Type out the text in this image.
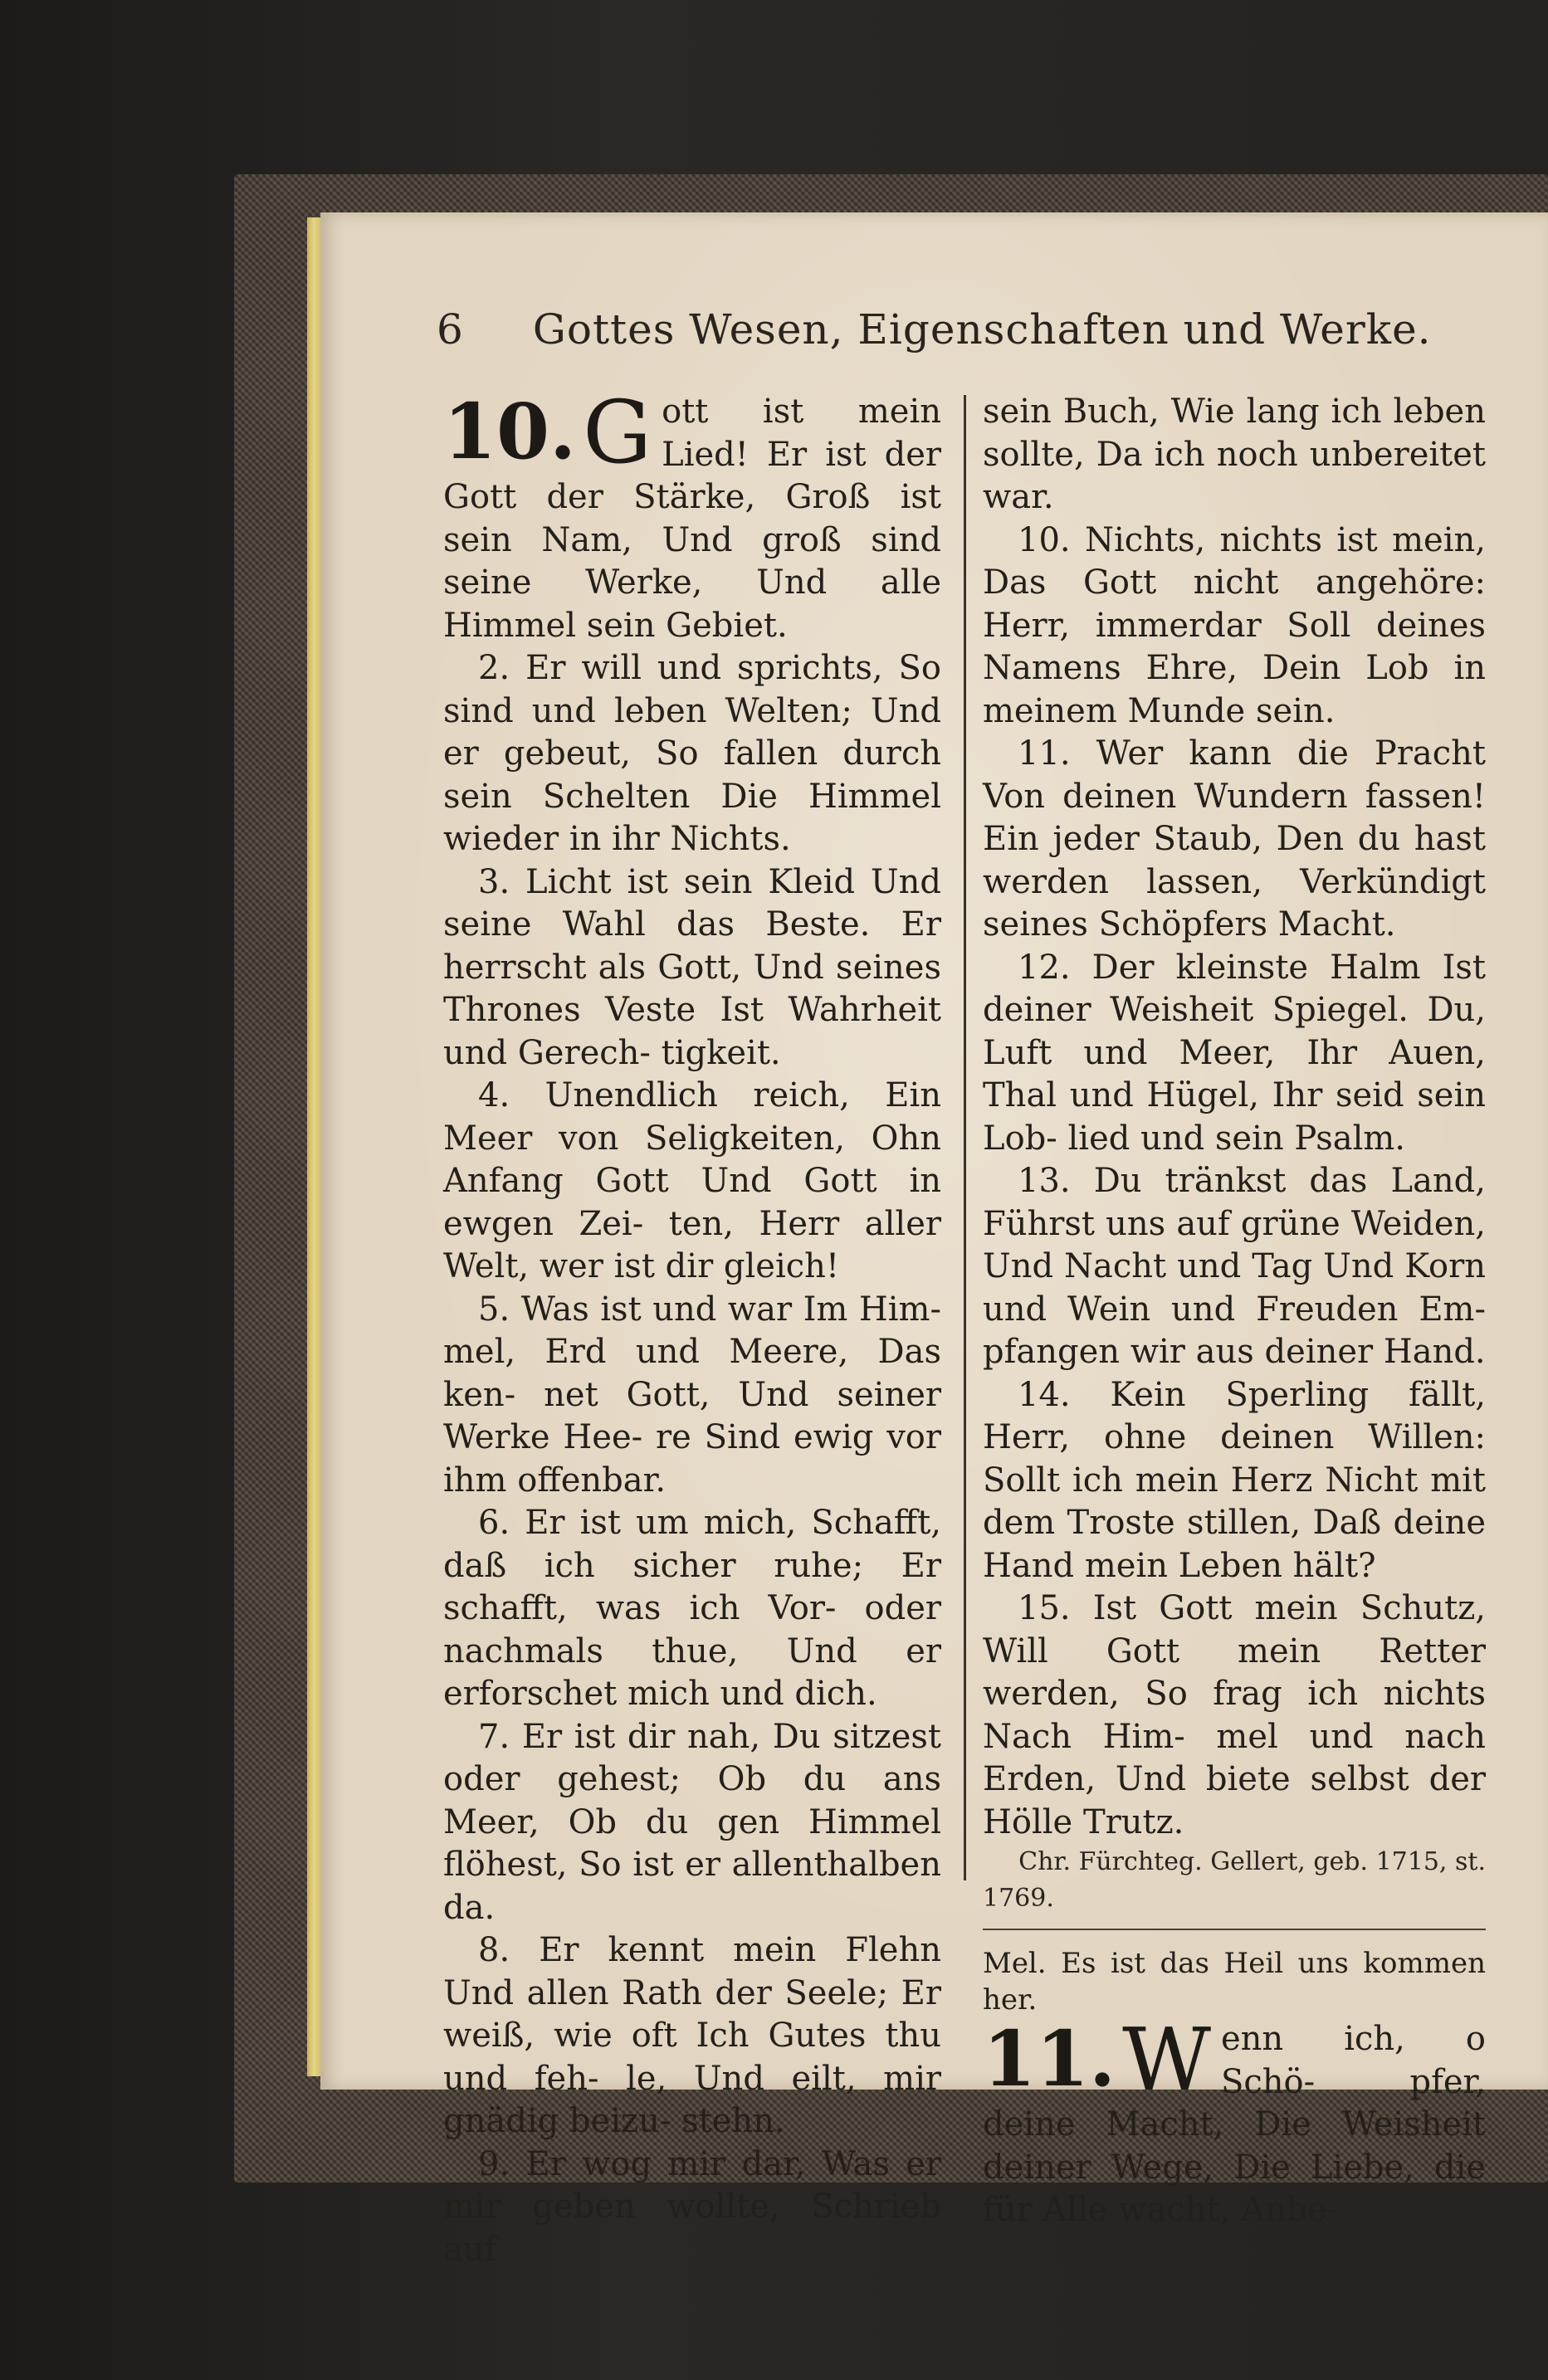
6 Gottes Wesen, Eigenschaften und Werke.

10. G ott ist mein Lied! Er ist der Gott der Stärke, Groß ist sein Nam, Und groß sind seine Werke, Und alle Himmel sein Gebiet.

2. Er will und sprichts, So sind und leben Welten; Und er gebeut, So fallen durch sein Schelten Die Himmel wieder in ihr Nichts.

3. Licht ist sein Kleid Und seine Wahl das Beste. Er herrscht als Gott, Und seines Thrones Veste Ist Wahrheit und Gerech- tigkeit.

4. Unendlich reich, Ein Meer von Seligkeiten, Ohn Anfang Gott Und Gott in ewgen Zei- ten, Herr aller Welt, wer ist dir gleich!

5. Was ist und war Im Him- mel, Erd und Meere, Das ken- net Gott, Und seiner Werke Hee- re Sind ewig vor ihm offenbar.

6. Er ist um mich, Schafft, daß ich sicher ruhe; Er schafft, was ich Vor- oder nachmals thue, Und er erforschet mich und dich.

7. Er ist dir nah, Du sitzest oder gehest; Ob du ans Meer, Ob du gen Himmel flöhest, So ist er allenthalben da.

8. Er kennt mein Flehn Und allen Rath der Seele; Er weiß, wie oft Ich Gutes thu und feh- le, Und eilt, mir gnädig beizu- stehn.

9. Er wog mir dar, Was er mir geben wollte, Schrieb auf

sein Buch, Wie lang ich leben sollte, Da ich noch unbereitet war.

10. Nichts, nichts ist mein, Das Gott nicht angehöre: Herr, immerdar Soll deines Namens Ehre, Dein Lob in meinem Munde sein.

11. Wer kann die Pracht Von deinen Wundern fassen! Ein jeder Staub, Den du hast werden lassen, Verkündigt seines Schöpfers Macht.

12. Der kleinste Halm Ist deiner Weisheit Spiegel. Du, Luft und Meer, Ihr Auen, Thal und Hügel, Ihr seid sein Lob- lied und sein Psalm.

13. Du tränkst das Land, Führst uns auf grüne Weiden, Und Nacht und Tag Und Korn und Wein und Freuden Em- pfangen wir aus deiner Hand.

14. Kein Sperling fällt, Herr, ohne deinen Willen: Sollt ich mein Herz Nicht mit dem Troste stillen, Daß deine Hand mein Leben hält?

15. Ist Gott mein Schutz, Will Gott mein Retter werden, So frag ich nichts Nach Him- mel und nach Erden, Und biete selbst der Hölle Trutz.

Chr. Fürchteg. Gellert, geb. 1715, st. 1769.

Mel. Es ist das Heil uns kommen her.

11. W enn ich, o Schö- pfer, deine Macht, Die Weisheit deiner Wege, Die Liebe, die für Alle wacht, Anbe-
